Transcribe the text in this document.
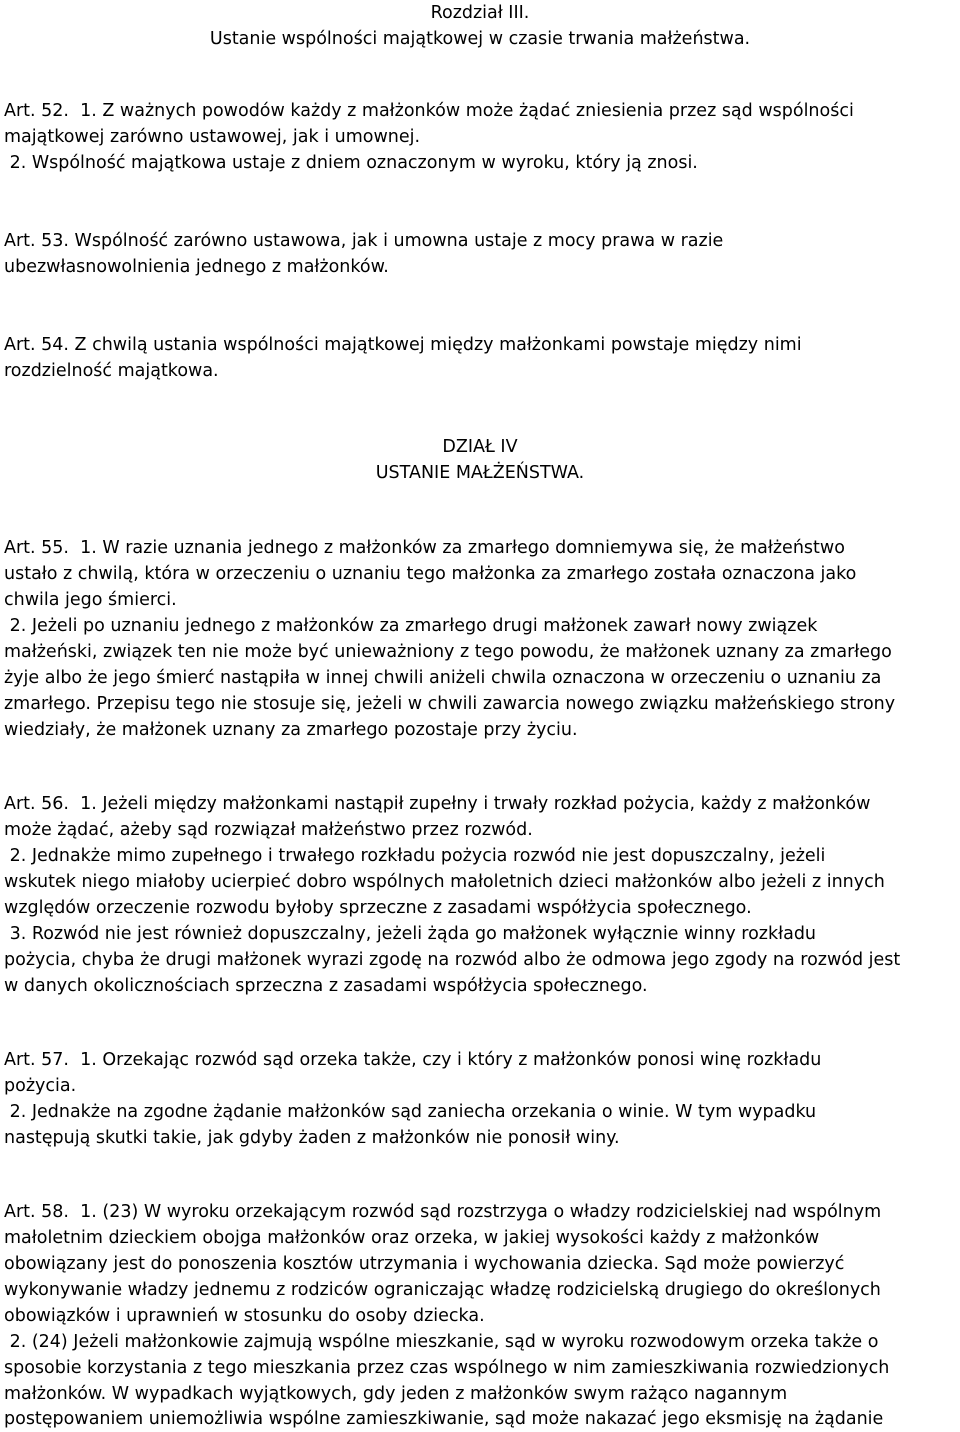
Rozdział III.

Ustanie wspólności majątkowej w czasie trwania małżeństwa.

Art. 52.  1. Z ważnych powodów każdy z małżonków może żądać zniesienia przez sąd wspólności

majątkowej zarówno ustawowej, jak i umownej.

2. Wspólność majątkowa ustaje z dniem oznaczonym w wyroku, który ją znosi.

Art. 53. Wspólność zarówno ustawowa, jak i umowna ustaje z mocy prawa w razie

ubezwłasnowolnienia jednego z małżonków.

Art. 54. Z chwilą ustania wspólności majątkowej między małżonkami powstaje między nimi

rozdzielność majątkowa.

DZIAŁ IV

USTANIE MAŁŻEŃSTWA.

Art. 55.  1. W razie uznania jednego z małżonków za zmarłego domniemywa się, że małżeństwo

ustało z chwilą, która w orzeczeniu o uznaniu tego małżonka za zmarłego została oznaczona jako

chwila jego śmierci.

2. Jeżeli po uznaniu jednego z małżonków za zmarłego drugi małżonek zawarł nowy związek

małżeński, związek ten nie może być unieważniony z tego powodu, że małżonek uznany za zmarłego

żyje albo że jego śmierć nastąpiła w innej chwili aniżeli chwila oznaczona w orzeczeniu o uznaniu za

zmarłego. Przepisu tego nie stosuje się, jeżeli w chwili zawarcia nowego związku małżeńskiego strony

wiedziały, że małżonek uznany za zmarłego pozostaje przy życiu.

Art. 56.  1. Jeżeli między małżonkami nastąpił zupełny i trwały rozkład pożycia, każdy z małżonków

może żądać, ażeby sąd rozwiązał małżeństwo przez rozwód.

2. Jednakże mimo zupełnego i trwałego rozkładu pożycia rozwód nie jest dopuszczalny, jeżeli

wskutek niego miałoby ucierpieć dobro wspólnych małoletnich dzieci małżonków albo jeżeli z innych

względów orzeczenie rozwodu byłoby sprzeczne z zasadami współżycia społecznego.

3. Rozwód nie jest również dopuszczalny, jeżeli żąda go małżonek wyłącznie winny rozkładu

pożycia, chyba że drugi małżonek wyrazi zgodę na rozwód albo że odmowa jego zgody na rozwód jest

w danych okolicznościach sprzeczna z zasadami współżycia społecznego.

Art. 57.  1. Orzekając rozwód sąd orzeka także, czy i który z małżonków ponosi winę rozkładu

pożycia.

2. Jednakże na zgodne żądanie małżonków sąd zaniecha orzekania o winie. W tym wypadku

następują skutki takie, jak gdyby żaden z małżonków nie ponosił winy.

Art. 58.  1. (23) W wyroku orzekającym rozwód sąd rozstrzyga o władzy rodzicielskiej nad wspólnym

małoletnim dzieckiem obojga małżonków oraz orzeka, w jakiej wysokości każdy z małżonków

obowiązany jest do ponoszenia kosztów utrzymania i wychowania dziecka. Sąd może powierzyć

wykonywanie władzy jednemu z rodziców ograniczając władzę rodzicielską drugiego do określonych

obowiązków i uprawnień w stosunku do osoby dziecka.

2. (24) Jeżeli małżonkowie zajmują wspólne mieszkanie, sąd w wyroku rozwodowym orzeka także o

sposobie korzystania z tego mieszkania przez czas wspólnego w nim zamieszkiwania rozwiedzionych

małżonków. W wypadkach wyjątkowych, gdy jeden z małżonków swym rażąco nagannym

postępowaniem uniemożliwia wspólne zamieszkiwanie, sąd może nakazać jego eksmisję na żądanie
